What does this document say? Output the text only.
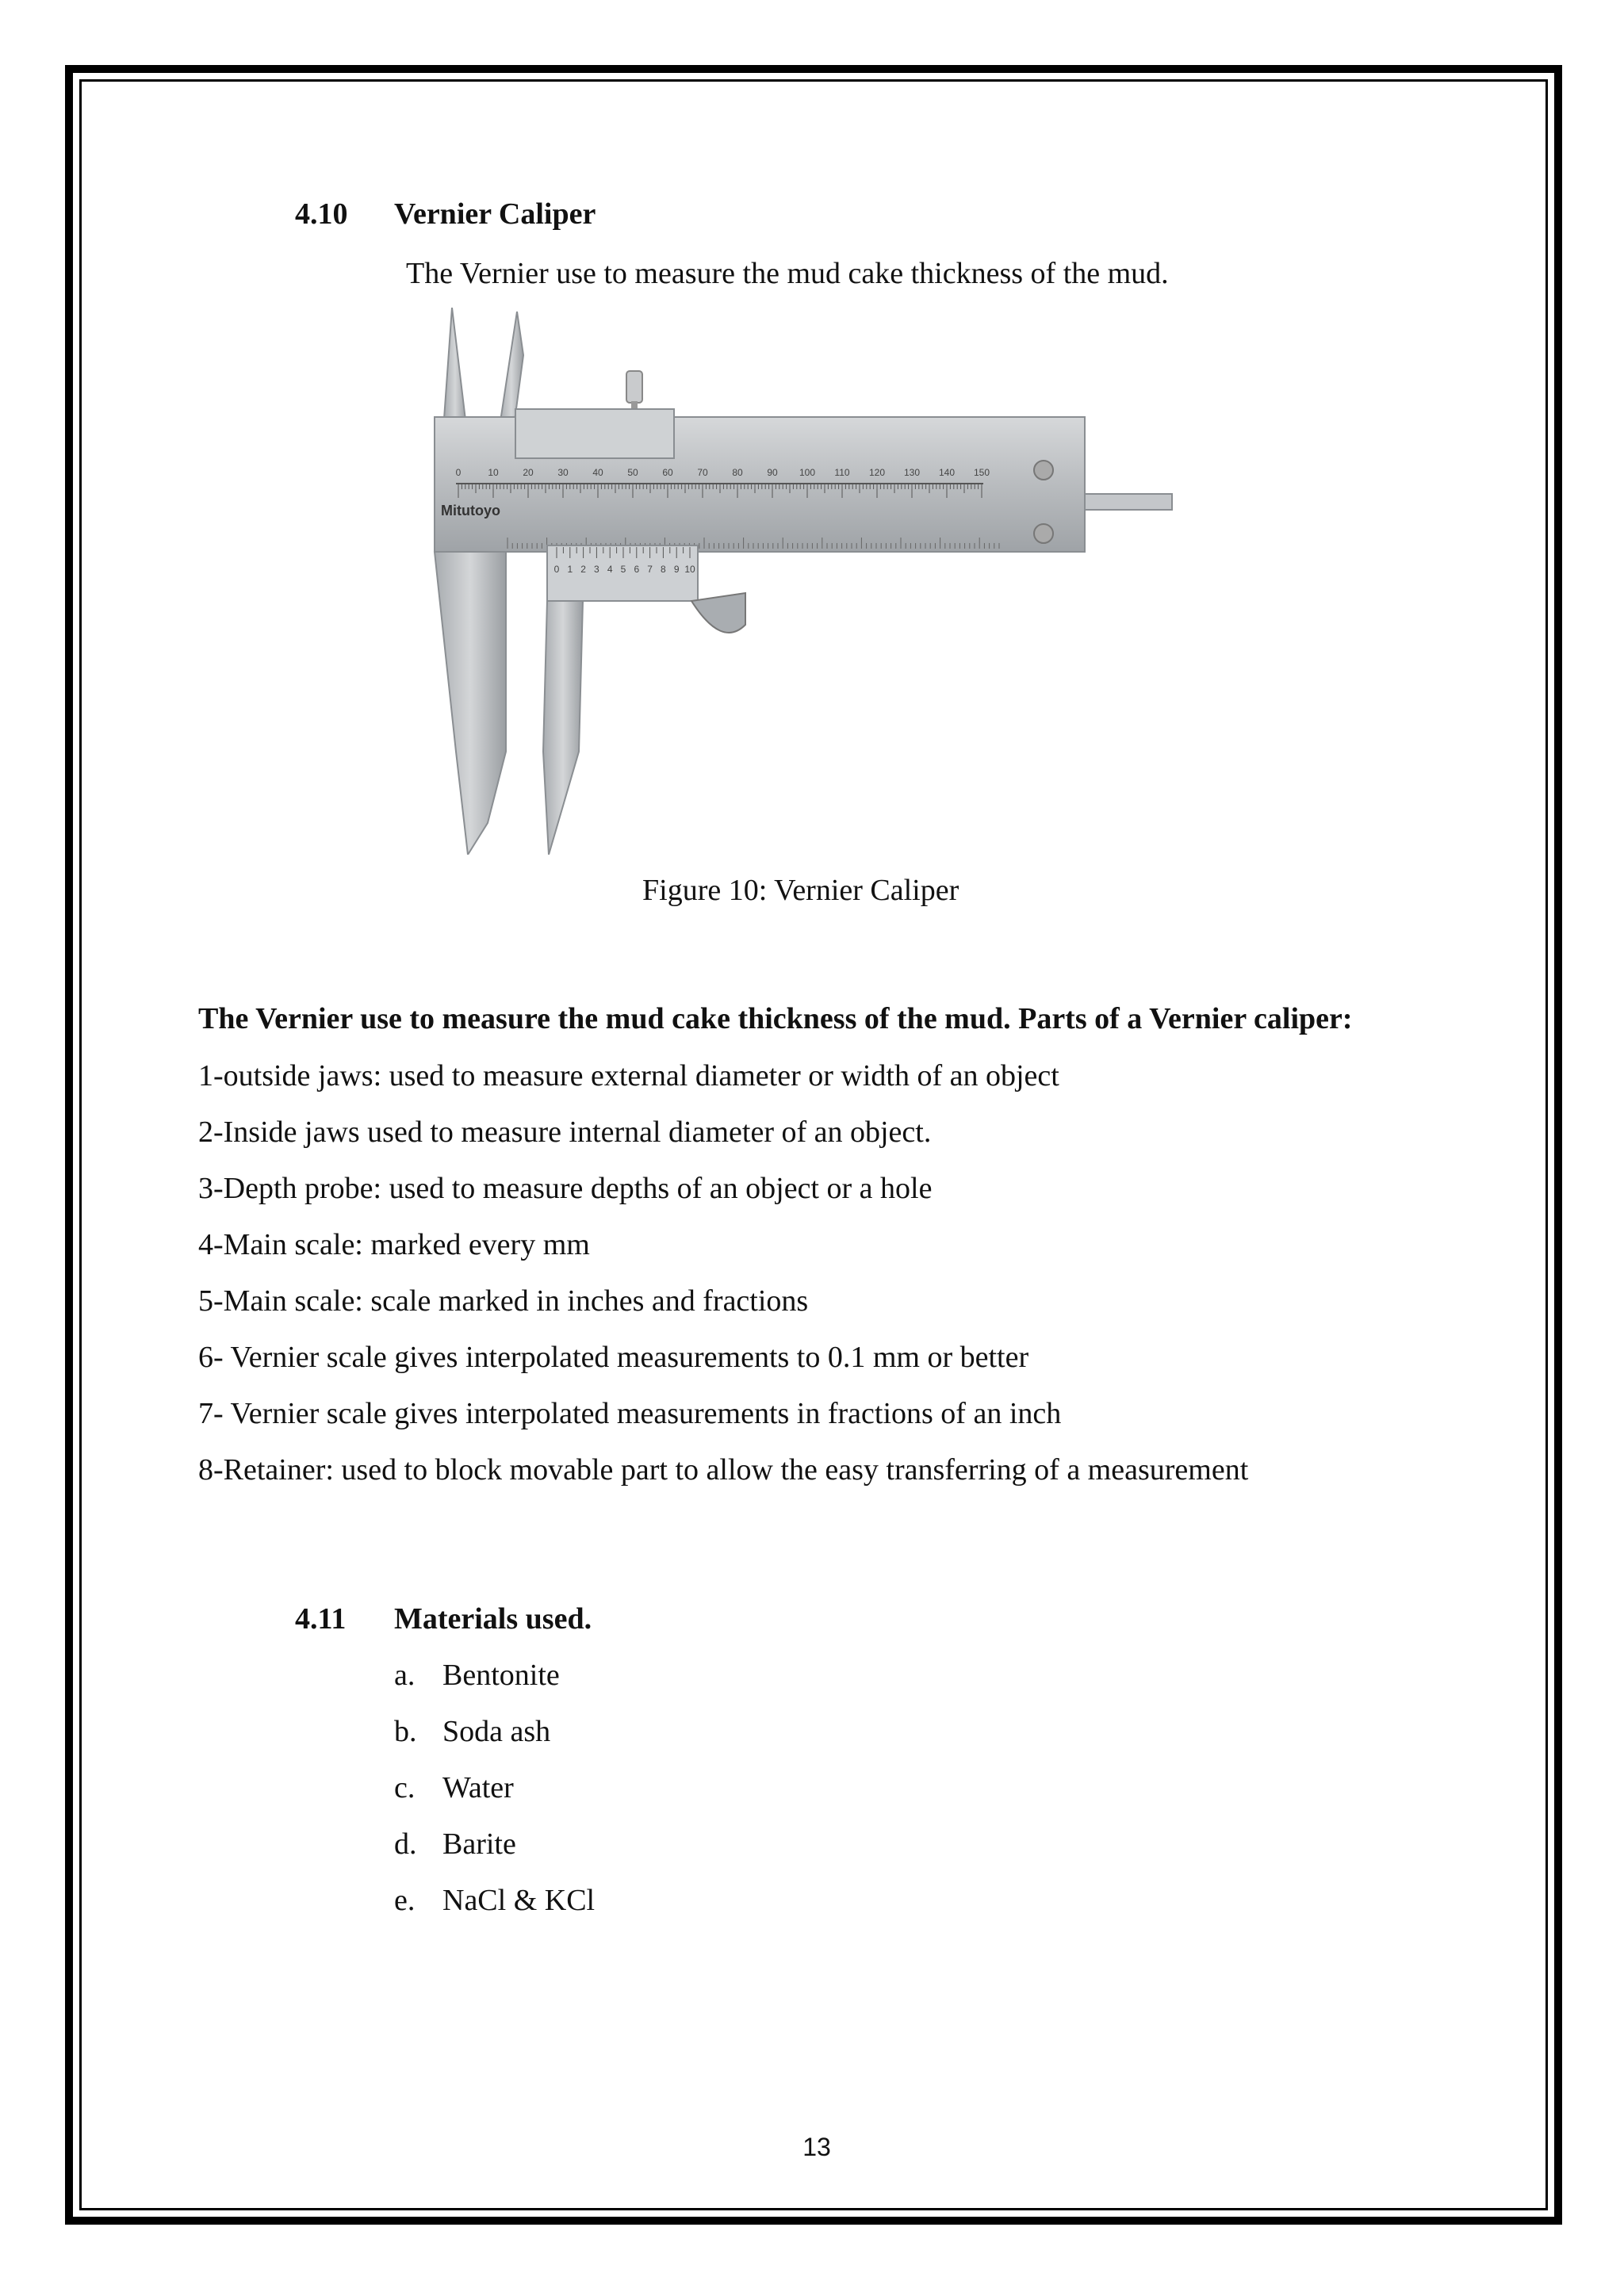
4.10 Vernier Caliper
The Vernier use to measure the mud cake thickness of the mud.
0	10	20	30	40	50	60	70	80	90 100 110 120 130 140 150
Mitutoyo
0 1 2 3 4 5 6 7 8 9 10
Figure 10: Vernier Caliper
The Vernier use to measure the mud cake thickness of the mud. Parts of a Vernier caliper:
1-outside jaws: used to measure external diameter or width of an object
2-Inside jaws used to measure internal diameter of an object.
3-Depth probe: used to measure depths of an object or a hole
4-Main scale: marked every mm
5-Main scale: scale marked in inches and fractions
6- Vernier scale gives interpolated measurements to 0.1 mm or better
7- Vernier scale gives interpolated measurements in fractions of an inch
8-Retainer: used to block movable part to allow the easy transferring of a measurement
4.11 Materials used.
a. Bentonite
b. Soda ash
c. Water
d. Barite
e. NaCl & KCl
13
